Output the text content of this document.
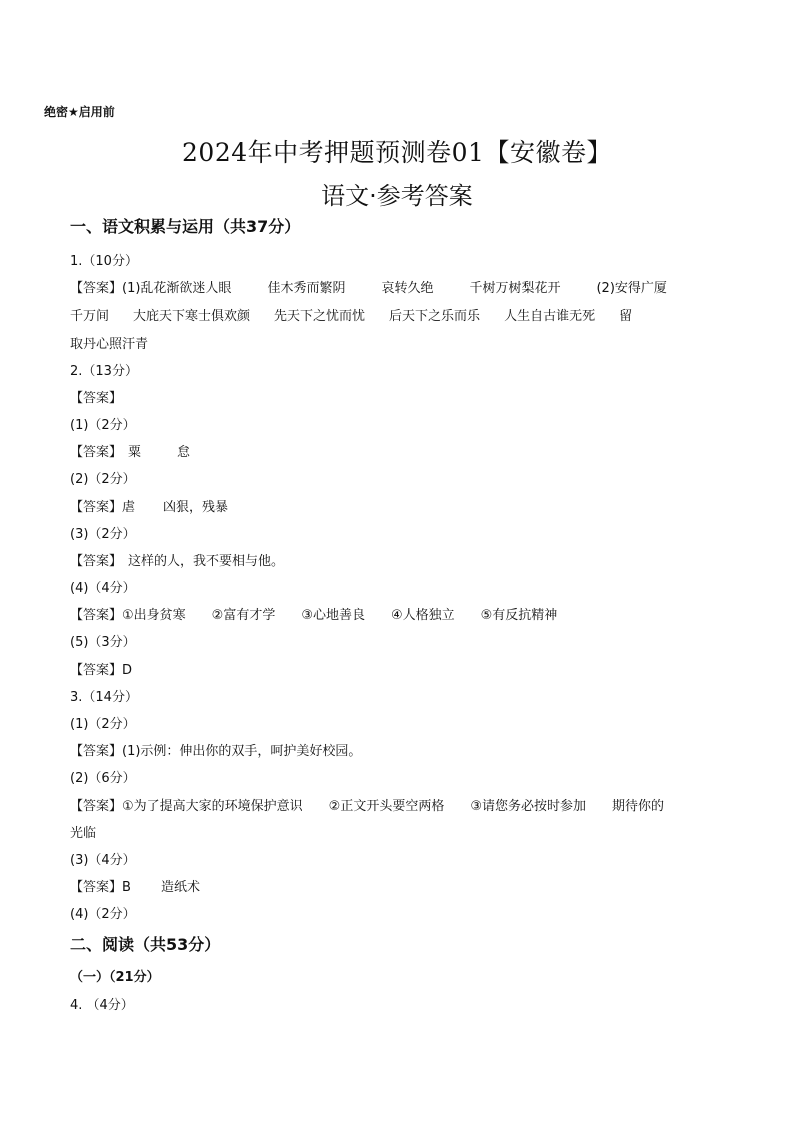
绝密★启用前
2024年中考押题预测卷01【安徽卷】
语文·参考答案
一、语文积累与运用（共37分）
1.（10分）
【答案】(1)乱花渐欲迷人眼	佳木秀而繁阴	哀转久绝	千树万树梨花开	(2)安得广厦
千万间 大庇天下寒士俱欢颜 先天下之忧而忧 后天下之乐而乐 人生自古谁无死 留
取丹心照汗青
2.（13分）
【答案】
(1)（2分）
【答案】 粟	怠
(2)（2分）
【答案】虐 凶狠，残暴
(3)（2分）
【答案】 这样的人，我不要相与他。
(4)（4分）
【答案】①出身贫寒 ②富有才学 ③心地善良 ④人格独立 ⑤有反抗精神
(5)（3分）
【答案】D
3.（14分）
(1)（2分）
【答案】(1)示例：伸出你的双手，呵护美好校园。
(2)（6分）
【答案】①为了提高大家的环境保护意识 ②正文开头要空两格 ③请您务必按时参加 期待你的
光临
(3)（4分）
【答案】B 造纸术
(4)（2分）
二、阅读（共53分）
（一）（21分）
4. （4分）
